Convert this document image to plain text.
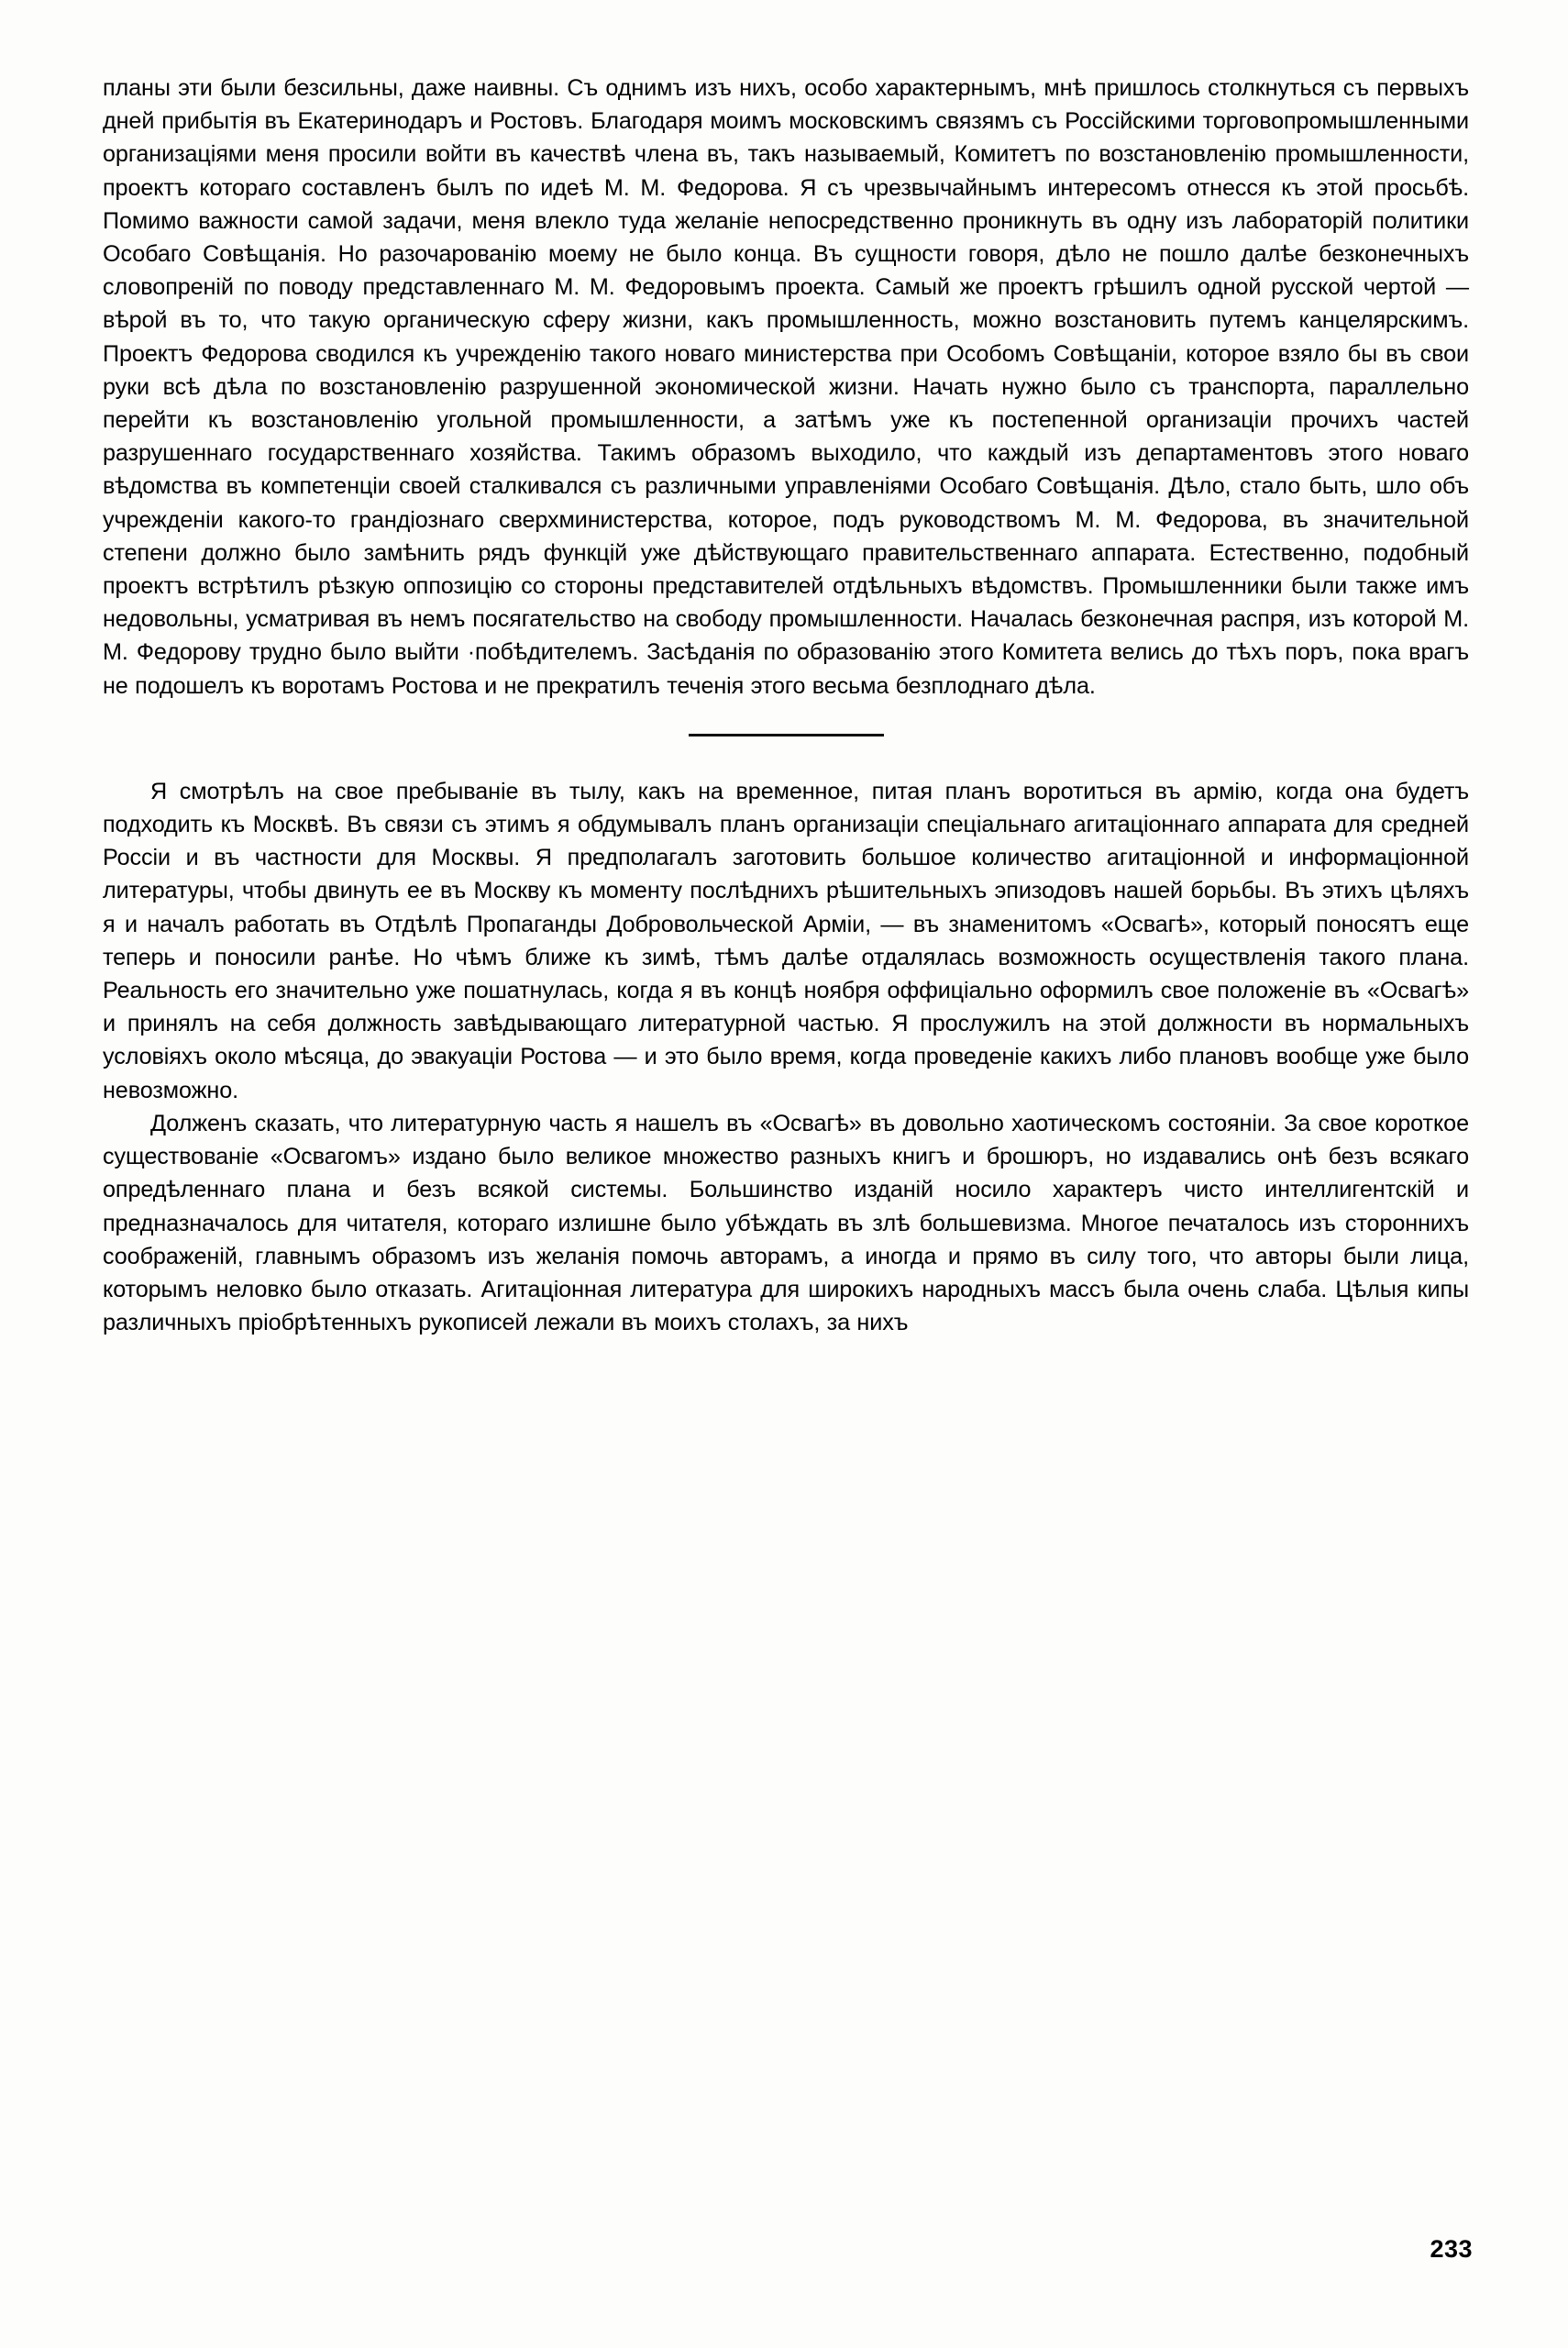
планы эти были безсильны, даже наивны. Съ однимъ изъ нихъ, особо характернымъ, мнѣ пришлось столкнуться съ первыхъ дней прибытія въ Екатеринодаръ и Ростовъ. Благодаря моимъ московскимъ связямъ съ Россійскими торговопромышленными организаціями меня просили войти въ качествѣ члена въ, такъ называемый, Комитетъ по возстановленію промышленности, проектъ котораго составленъ былъ по идеѣ М. М. Федорова. Я съ чрезвычайнымъ интересомъ отнесся къ этой просьбѣ. Помимо важности самой задачи, меня влекло туда желаніе непосредственно проникнуть въ одну изъ лабораторій политики Особаго Совѣщанія. Но разочарованію моему не было конца. Въ сущности говоря, дѣло не пошло далѣе безконечныхъ словопреній по поводу представленнаго М. М. Федоровымъ проекта. Самый же проектъ грѣшилъ одной русской чертой — вѣрой въ то, что такую органическую сферу жизни, какъ промышленность, можно возстановить путемъ канцелярскимъ. Проектъ Федорова сводился къ учрежденію такого новаго министерства при Особомъ Совѣщаніи, которое взяло бы въ свои руки всѣ дѣла по возстановленію разрушенной экономической жизни. Начать нужно было съ транспорта, параллельно перейти къ возстановленію угольной промышленности, а затѣмъ уже къ постепенной организаціи прочихъ частей разрушеннаго государственнаго хозяйства. Такимъ образомъ выходило, что каждый изъ департаментовъ этого новаго вѣдомства въ компетенціи своей сталкивался съ различными управленіями Особаго Совѣщанія. Дѣло, стало быть, шло объ учрежденіи какого-то грандіознаго сверхминистерства, которое, подъ руководствомъ М. М. Федорова, въ значительной степени должно было замѣнить рядъ функцій уже дѣйствующаго правительственнаго аппарата. Естественно, подобный проектъ встрѣтилъ рѣзкую оппозицію со стороны представителей отдѣльныхъ вѣдомствъ. Промышленники были также имъ недовольны, усматривая въ немъ посягательство на свободу промышленности. Началась безконечная распря, изъ которой М. М. Федорову трудно было выйти ·побѣдителемъ. Засѣданія по образованію этого Комитета велись до тѣхъ поръ, пока врагъ не подошелъ къ воротамъ Ростова и не прекратилъ теченія этого весьма безплоднаго дѣла.

Я смотрѣлъ на свое пребываніе въ тылу, какъ на временное, питая планъ воротиться въ армію, когда она будетъ подходить къ Москвѣ. Въ связи съ этимъ я обдумывалъ планъ организаціи спеціальнаго агитаціоннаго аппарата для средней Россіи и въ частности для Москвы. Я предполагалъ заготовить большое количество агитаціонной и информаціонной литературы, чтобы двинуть ее въ Москву къ моменту послѣднихъ рѣшительныхъ эпизодовъ нашей борьбы. Въ этихъ цѣляхъ я и началъ работать въ Отдѣлѣ Пропаганды Добровольческой Арміи, — въ знаменитомъ «Освагѣ», который поносятъ еще теперь и поносили ранѣе. Но чѣмъ ближе къ зимѣ, тѣмъ далѣе отдалялась возможность осуществленія такого плана. Реальность его значительно уже пошатнулась, когда я въ концѣ ноября оффиціально оформилъ свое положеніе въ «Освагѣ» и принялъ на себя должность завѣдывающаго литературной частью. Я прослужилъ на этой должности въ нормальныхъ условіяхъ около мѣсяца, до эвакуаціи Ростова — и это было время, когда проведеніе какихъ либо плановъ вообще уже было невозможно.

Долженъ сказать, что литературную часть я нашелъ въ «Освагѣ» въ довольно хаотическомъ состояніи. За свое короткое существованіе «Освагомъ» издано было великое множество разныхъ книгъ и брошюръ, но издавались онѣ безъ всякаго опредѣленнаго плана и безъ всякой системы. Большинство изданій носило характеръ чисто интеллигентскій и предназначалось для читателя, котораго излишне было убѣждать въ злѣ большевизма. Многое печаталось изъ стороннихъ соображеній, главнымъ образомъ изъ желанія помочь авторамъ, а иногда и прямо въ силу того, что авторы были лица, которымъ неловко было отказать. Агитаціонная литература для широкихъ народныхъ массъ была очень слаба. Цѣлыя кипы различныхъ пріобрѣтенныхъ рукописей лежали въ моихъ столахъ, за нихъ

233
